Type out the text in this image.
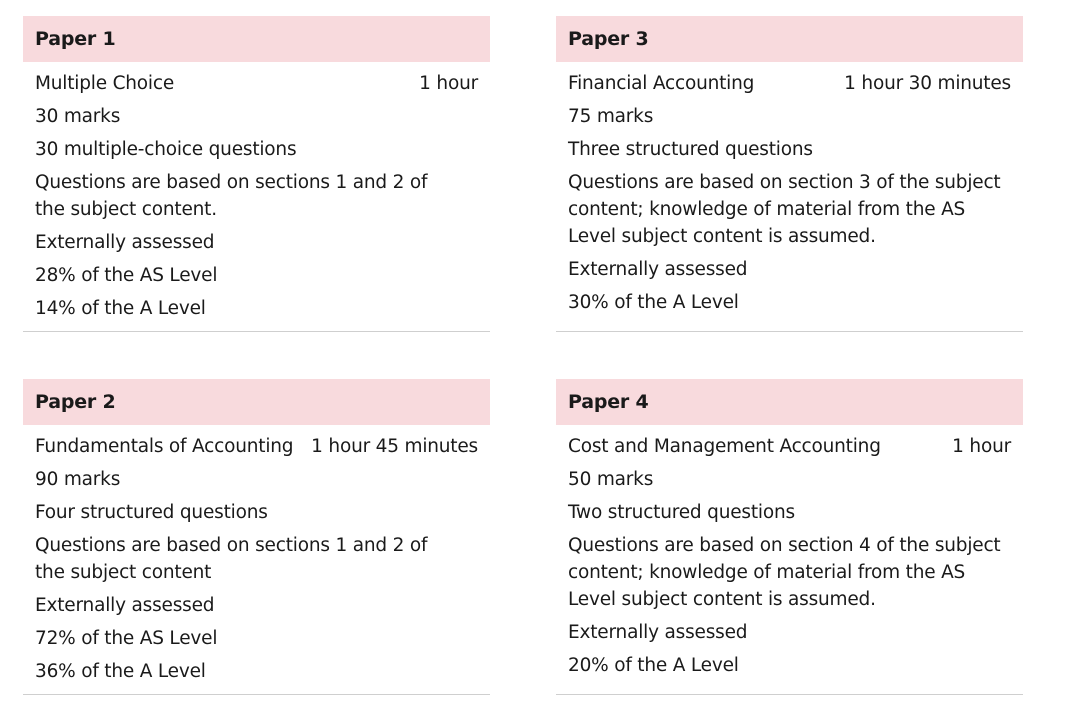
Paper 1
Multiple Choice	1 hour
30 marks
30 multiple-choice questions
Questions are based on sections 1 and 2 of the subject content.
Externally assessed
28% of the AS Level
14% of the A Level
Paper 3
Financial Accounting	1 hour 30 minutes
75 marks
Three structured questions
Questions are based on section 3 of the subject content; knowledge of material from the AS Level subject content is assumed.
Externally assessed
30% of the A Level
Paper 2
Fundamentals of Accounting 1 hour 45 minutes
90 marks
Four structured questions
Questions are based on sections 1 and 2 of the subject content
Externally assessed
72% of the AS Level
36% of the A Level
Paper 4
Cost and Management Accounting	1 hour
50 marks
Two structured questions
Questions are based on section 4 of the subject content; knowledge of material from the AS Level subject content is assumed.
Externally assessed
20% of the A Level
